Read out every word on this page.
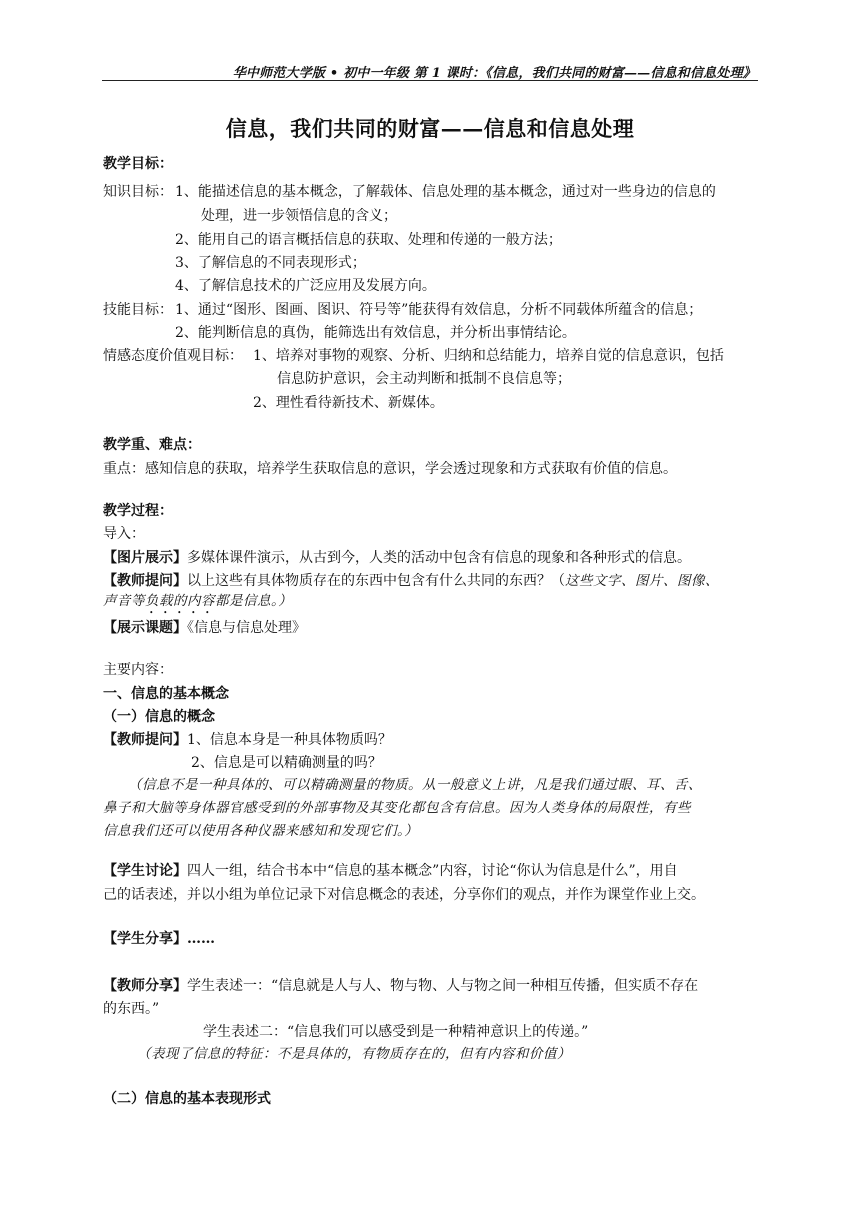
华中师范大学版 • 初中一年级 第 1 课时：《信息，我们共同的财富——信息和信息处理》
信息，我们共同的财富——信息和信息处理
教学目标：
知识目标： 1、能描述信息的基本概念，了解载体、信息处理的基本概念，通过对一些身边的信息的
处理，进一步领悟信息的含义；
2、能用自己的语言概括信息的获取、处理和传递的一般方法；
3、了解信息的不同表现形式；
4、了解信息技术的广泛应用及发展方向。
技能目标： 1、通过“图形、图画、图识、符号等”能获得有效信息，分析不同载体所蕴含的信息；
2、能判断信息的真伪，能筛选出有效信息，并分析出事情结论。
情感态度价值观目标： 1、培养对事物的观察、分析、归纳和总结能力，培养自觉的信息意识，包括
信息防护意识，会主动判断和抵制不良信息等；
2、理性看待新技术、新媒体。
教学重、难点：
重点：感知信息的获取，培养学生获取信息的意识，学会透过现象和方式获取有价值的信息。
教学过程：
导入：
【图片展示】多媒体课件演示，从古到今，人类的活动中包含有信息的现象和各种形式的信息。
【教师提问】以上这些有具体物质存在的东西中包含有什么共同的东西？（这些文字、图片、图像、
声音等负载的内容都是信息。）
【展示课题】《信息与信息处理》
主要内容：
一、信息的基本概念
（一）信息的概念
【教师提问】1、信息本身是一种具体物质吗？
2、信息是可以精确测量的吗？
（信息不是一种具体的、可以精确测量的物质。从一般意义上讲，凡是我们通过眼、耳、舌、
鼻子和大脑等身体器官感受到的外部事物及其变化都包含有信息。因为人类身体的局限性，有些
信息我们还可以使用各种仪器来感知和发现它们。）
【学生讨论】四人一组，结合书本中“信息的基本概念”内容，讨论“你认为信息是什么”，用自
己的话表述，并以小组为单位记录下对信息概念的表述，分享你们的观点，并作为课堂作业上交。
【学生分享】……
【教师分享】学生表述一：“信息就是人与人、物与物、人与物之间一种相互传播，但实质不存在
的东西。”
学生表述二：“信息我们可以感受到是一种精神意识上的传递。”
（表现了信息的特征：不是具体的，有物质存在的，但有内容和价值）
（二）信息的基本表现形式
